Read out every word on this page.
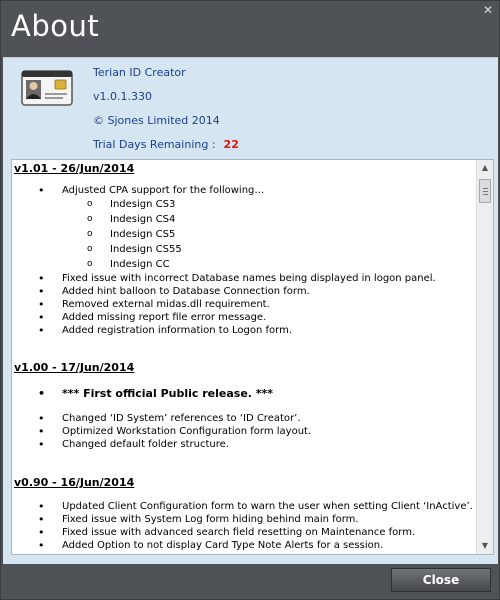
About	✕
Terian ID Creator
v1.0.1.330
© Sjones Limited 2014
Trial Days Remaining : 22

v1.01 - 26/Jun/2014

• Adjusted CPA support for the following…
o Indesign CS3
o Indesign CS4
o Indesign CS5
o Indesign CS55
o Indesign CC
• Fixed issue with incorrect Database names being displayed in logon panel.
• Added hint balloon to Database Connection form.
• Removed external midas.dll requirement.
• Added missing report file error message.
• Added registration information to Logon form.

v1.00 - 17/Jun/2014

• *** First official Public release. ***
• Changed ‘ID System’ references to ‘ID Creator’.
• Optimized Workstation Configuration form layout.
• Changed default folder structure.

v0.90 - 16/Jun/2014

• Updated Client Configuration form to warn the user when setting Client ‘InActive’.
• Fixed issue with System Log form hiding behind main form.
• Fixed issue with advanced search field resetting on Maintenance form.
• Added Option to not display Card Type Note Alerts for a session.
▲
▼
Close
